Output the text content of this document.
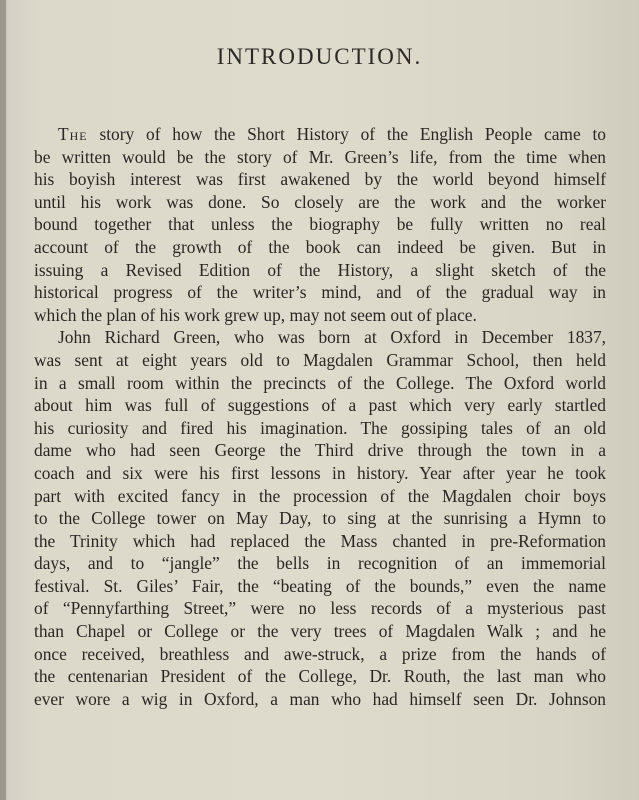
INTRODUCTION.
The story of how the Short History of the English People came to
be written would be the story of Mr. Green’s life, from the time when
his boyish interest was first awakened by the world beyond himself
until his work was done. So closely are the work and the worker
bound together that unless the biography be fully written no real
account of the growth of the book can indeed be given. But in
issuing a Revised Edition of the History, a slight sketch of the
historical progress of the writer’s mind, and of the gradual way in
which the plan of his work grew up, may not seem out of place.
John Richard Green, who was born at Oxford in December 1837,
was sent at eight years old to Magdalen Grammar School, then held
in a small room within the precincts of the College. The Oxford world
about him was full of suggestions of a past which very early startled
his curiosity and fired his imagination. The gossiping tales of an old
dame who had seen George the Third drive through the town in a
coach and six were his first lessons in history. Year after year he took
part with excited fancy in the procession of the Magdalen choir boys
to the College tower on May Day, to sing at the sunrising a Hymn to
the Trinity which had replaced the Mass chanted in pre-Reformation
days, and to “jangle” the bells in recognition of an immemorial
festival. St. Giles’ Fair, the “beating of the bounds,” even the name
of “Pennyfarthing Street,” were no less records of a mysterious past
than Chapel or College or the very trees of Magdalen Walk ; and he
once received, breathless and awe-struck, a prize from the hands of
the centenarian President of the College, Dr. Routh, the last man who
ever wore a wig in Oxford, a man who had himself seen Dr. Johnson
